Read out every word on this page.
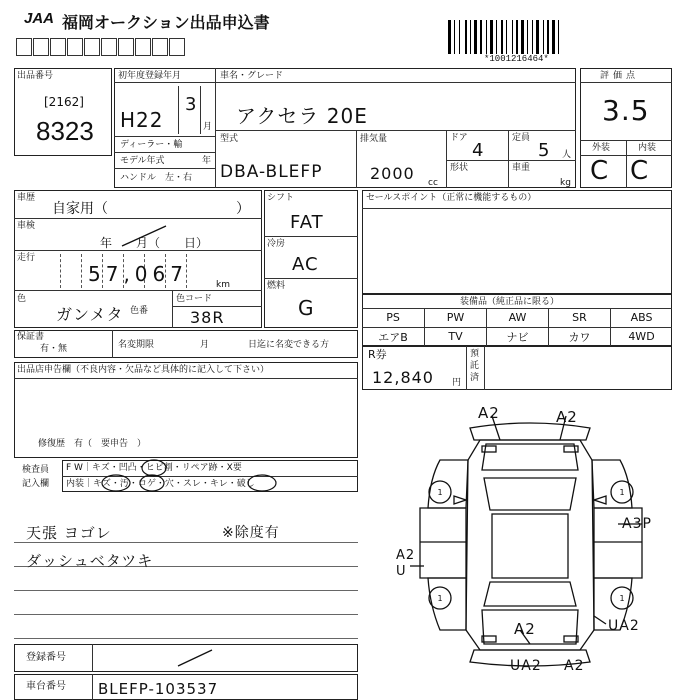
JAA 福岡オークション出品申込書
*1001216464*
出品番号
[2162]
8323
初年度登録年月
H22
3
月
ディーラー・輸
モデル年式	年
ハンドル　左・右
車名・グレード
アクセラ 20E
型式
DBA-BLEFP
排気量
2000 cc
ドア
4
定員
5 人
形状	車重
kg
評価点
3.5
外装	内装
C C
車歴
自家用（	）
車検
年　　月（　　日）
走行
57,067	km
色
ガンメタ 色番
色コード
38R
シフト
FAT
冷房
AC
燃料
G
セールスポイント（正常に機能するもの）
装備品（純正品に限る）
PS	PW	AW	SR	ABS
エアB	TV	ナビ	カワ	4WD
R券
12,840 円
預託済
保証書
有・無	名変期限	月	日迄に名変できる方
出品店申告欄（不良内容・欠品など具体的に記入して下さい）
修復歴　有（　要申告　）
検査員
記入欄
F W｜キズ・凹凸・ヒビ割・リペア跡・X要
内装｜キズ・汚・コゲ・穴・スレ・キレ・破し
天張 ヨゴレ	※除度有
ダッシュベタツキ
1	1
1	1
A2	A2
A3P
A2 U
A2	UA2
UA2 A2
登録番号
車台番号 BLEFP-103537
